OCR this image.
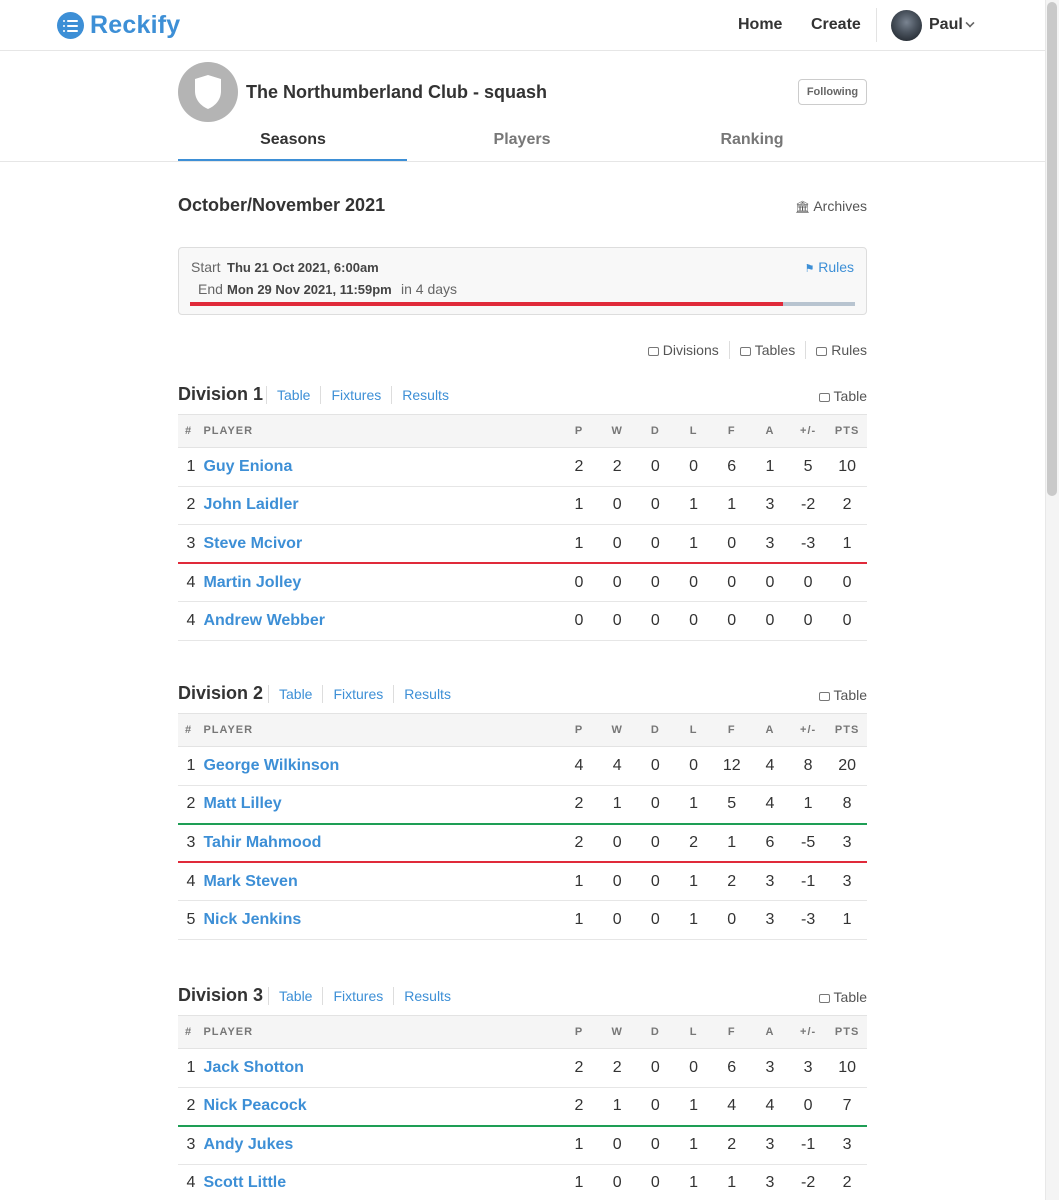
Reckify	Home Create	Paul
The Northumberland Club - squash	Following
Seasons	Players	Ranking
October/November 2021	🏛 Archives
Start Thu 21 Oct 2021, 6:00am
End Mon 29 Nov 2021, 11:59pm in 4 days
⚑ Rules
Divisions	Tables	Rules
Division 1 Table Fixtures Results	Table
#	PLAYER	P	W	D	L	F	A	+/-	PTS
1	Guy Eniona	2	2	0	0	6	1	5	10
2	John Laidler	1	0	0	1	1	3	-2	2
3	Steve Mcivor	1	0	0	1	0	3	-3	1
4	Martin Jolley	0	0	0	0	0	0	0	0
4	Andrew Webber	0	0	0	0	0	0	0	0
Division 2 Table Fixtures Results	Table
#	PLAYER	P	W	D	L	F	A	+/-	PTS
1	George Wilkinson	4	4	0	0	12	4	8	20
2	Matt Lilley	2	1	0	1	5	4	1	8
3	Tahir Mahmood	2	0	0	2	1	6	-5	3
4	Mark Steven	1	0	0	1	2	3	-1	3
5	Nick Jenkins	1	0	0	1	0	3	-3	1
Division 3 Table Fixtures Results	Table
#	PLAYER	P	W	D	L	F	A	+/-	PTS
1	Jack Shotton	2	2	0	0	6	3	3	10
2	Nick Peacock	2	1	0	1	4	4	0	7
3	Andy Jukes	1	0	0	1	2	3	-1	3
4	Scott Little	1	0	0	1	1	3	-2	2
